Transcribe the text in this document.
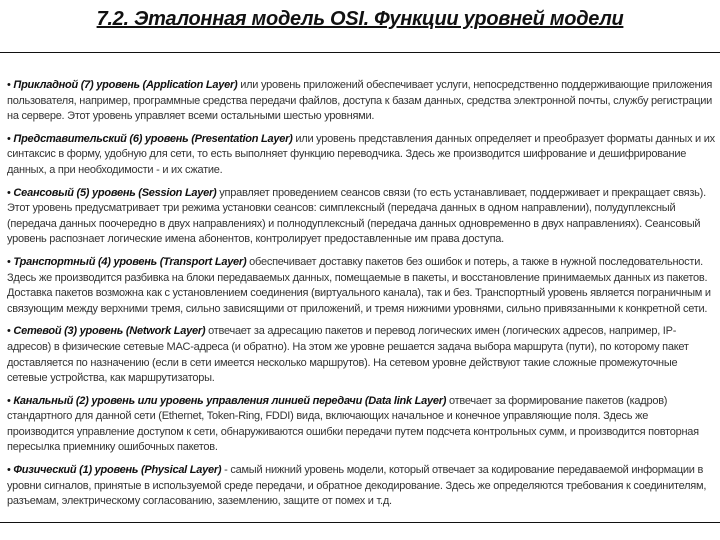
7.2. Эталонная модель OSI. Функции уровней модели

• Прикладной (7) уровень (Application Layer) или уровень приложений обеспечивает услуги, непосредственно поддерживающие приложения пользователя, например, программные средства передачи файлов, доступа к базам данных, средства электронной почты, службу регистрации на сервере. Этот уровень управляет всеми остальными шестью уровнями.

• Представительский (6) уровень (Presentation Layer) или уровень представления данных определяет и преобразует форматы данных и их синтаксис в форму, удобную для сети, то есть выполняет функцию переводчика. Здесь же производится шифрование и дешифрирование данных, а при необходимости - и их сжатие.

• Сеансовый (5) уровень (Session Layer) управляет проведением сеансов связи (то есть устанавливает, поддерживает и прекращает связь). Этот уровень предусматривает три режима установки сеансов: симплексный (передача данных в одном направлении), полудуплексный (передача данных поочередно в двух направлениях) и полнодуплексный (передача данных одновременно в двух направлениях). Сеансовый уровень распознает логические имена абонентов, контролирует предоставленные им права доступа.

• Транспортный (4) уровень (Transport Layer) обеспечивает доставку пакетов без ошибок и потерь, а также в нужной последовательности. Здесь же производится разбивка на блоки передаваемых данных, помещаемые в пакеты, и восстановление принимаемых данных из пакетов. Доставка пакетов возможна как с установлением соединения (виртуального канала), так и без. Транспортный уровень является пограничным и связующим между верхними тремя, сильно зависящими от приложений, и тремя нижними уровнями, сильно привязанными к конкретной сети.

• Сетевой (3) уровень (Network Layer) отвечает за адресацию пакетов и перевод логических имен (логических адресов, например, IP-адресов) в физические сетевые MAC-адреса (и обратно). На этом же уровне решается задача выбора маршрута (пути), по которому пакет доставляется по назначению (если в сети имеется несколько маршрутов). На сетевом уровне действуют такие сложные промежуточные сетевые устройства, как маршрутизаторы.

• Канальный (2) уровень или уровень управления линией передачи (Data link Layer) отвечает за формирование пакетов (кадров) стандартного для данной сети (Ethernet, Token-Ring, FDDI) вида, включающих начальное и конечное управляющие поля. Здесь же производится управление доступом к сети, обнаруживаются ошибки передачи путем подсчета контрольных сумм, и производится повторная пересылка приемнику ошибочных пакетов.

• Физический (1) уровень (Physical Layer) - самый нижний уровень модели, который отвечает за кодирование передаваемой информации в уровни сигналов, принятые в используемой среде передачи, и обратное декодирование. Здесь же определяются требования к соединителям, разъемам, электрическому согласованию, заземлению, защите от помех и т.д.
